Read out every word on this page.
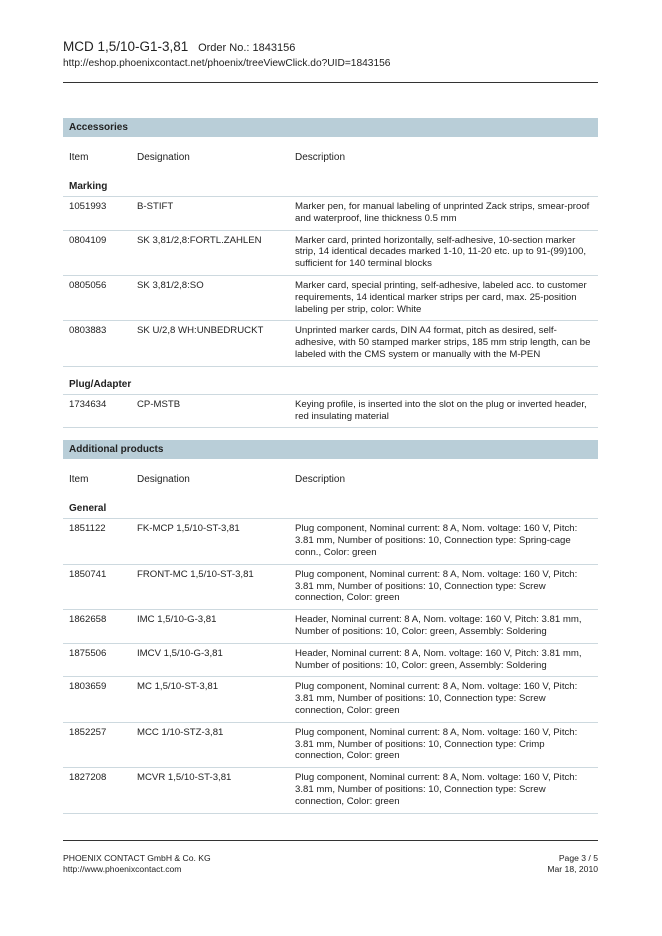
MCD 1,5/10-G1-3,81 Order No.: 1843156
http://eshop.phoenixcontact.net/phoenix/treeViewClick.do?UID=1843156
Accessories
Item	Designation	Description
Marking
1051993	B-STIFT	Marker pen, for manual labeling of unprinted Zack strips, smear-proof and waterproof, line thickness 0.5 mm
0804109	SK 3,81/2,8:FORTL.ZAHLEN	Marker card, printed horizontally, self-adhesive, 10-section marker strip, 14 identical decades marked 1-10, 11-20 etc. up to 91-(99)100, sufficient for 140 terminal blocks
0805056	SK 3,81/2,8:SO	Marker card, special printing, self-adhesive, labeled acc. to customer requirements, 14 identical marker strips per card, max. 25-position labeling per strip, color: White
0803883	SK U/2,8 WH:UNBEDRUCKT	Unprinted marker cards, DIN A4 format, pitch as desired, self-adhesive, with 50 stamped marker strips, 185 mm strip length, can be labeled with the CMS system or manually with the M-PEN
Plug/Adapter
1734634	CP-MSTB	Keying profile, is inserted into the slot on the plug or inverted header, red insulating material
Additional products
Item	Designation	Description
General
1851122	FK-MCP 1,5/10-ST-3,81	Plug component, Nominal current: 8 A, Nom. voltage: 160 V, Pitch: 3.81 mm, Number of positions: 10, Connection type: Spring-cage conn., Color: green
1850741	FRONT-MC 1,5/10-ST-3,81	Plug component, Nominal current: 8 A, Nom. voltage: 160 V, Pitch: 3.81 mm, Number of positions: 10, Connection type: Screw connection, Color: green
1862658	IMC 1,5/10-G-3,81	Header, Nominal current: 8 A, Nom. voltage: 160 V, Pitch: 3.81 mm, Number of positions: 10, Color: green, Assembly: Soldering
1875506	IMCV 1,5/10-G-3,81	Header, Nominal current: 8 A, Nom. voltage: 160 V, Pitch: 3.81 mm, Number of positions: 10, Color: green, Assembly: Soldering
1803659	MC 1,5/10-ST-3,81	Plug component, Nominal current: 8 A, Nom. voltage: 160 V, Pitch: 3.81 mm, Number of positions: 10, Connection type: Screw connection, Color: green
1852257	MCC 1/10-STZ-3,81	Plug component, Nominal current: 8 A, Nom. voltage: 160 V, Pitch: 3.81 mm, Number of positions: 10, Connection type: Crimp connection, Color: green
1827208	MCVR 1,5/10-ST-3,81	Plug component, Nominal current: 8 A, Nom. voltage: 160 V, Pitch: 3.81 mm, Number of positions: 10, Connection type: Screw connection, Color: green
PHOENIX CONTACT GmbH & Co. KG
http://www.phoenixcontact.com
Page 3 / 5
Mar 18, 2010
